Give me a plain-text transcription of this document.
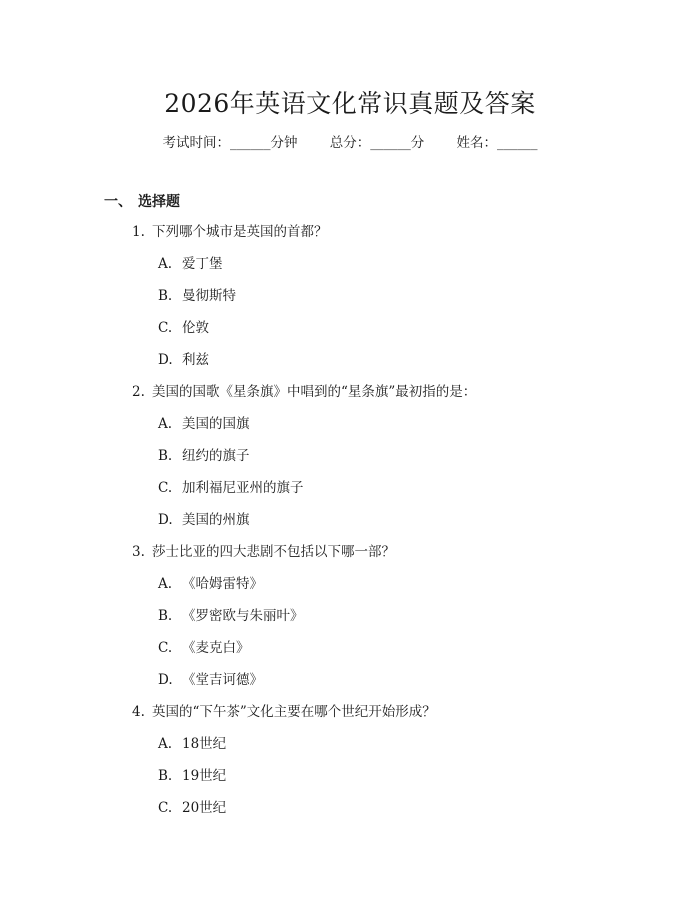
2026年英语文化常识真题及答案
考试时间：______分钟 总分：______分 姓名：______
一、 选择题
1. 下列哪个城市是英国的首都？
A. 爱丁堡
B. 曼彻斯特
C. 伦敦
D. 利兹
2. 美国的国歌《星条旗》中唱到的“星条旗”最初指的是：
A. 美国的国旗
B. 纽约的旗子
C. 加利福尼亚州的旗子
D. 美国的州旗
3. 莎士比亚的四大悲剧不包括以下哪一部？
A. 《哈姆雷特》
B. 《罗密欧与朱丽叶》
C. 《麦克白》
D. 《堂吉诃德》
4. 英国的“下午茶”文化主要在哪个世纪开始形成？
A. 18世纪
B. 19世纪
C. 20世纪
